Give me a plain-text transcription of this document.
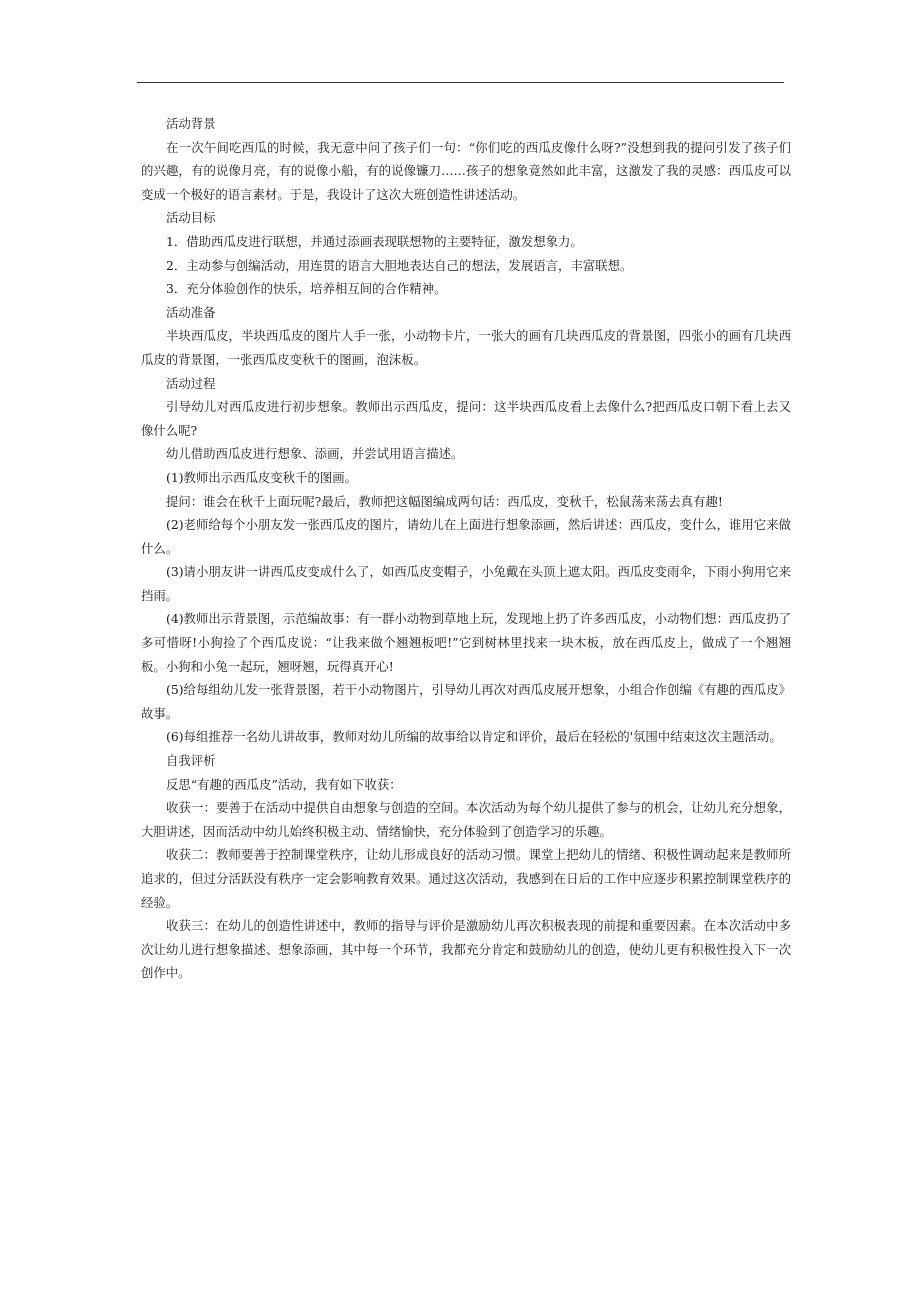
活动背景

在一次午间吃西瓜的时候，我无意中问了孩子们一句：“你们吃的西瓜皮像什么呀?”没想到我的提问引发了孩子们的兴趣，有的说像月亮，有的说像小船，有的说像镰刀……孩子的想象竟然如此丰富，这激发了我的灵感：西瓜皮可以变成一个极好的语言素材。于是，我设计了这次大班创造性讲述活动。

活动目标

1．借助西瓜皮进行联想，并通过添画表现联想物的主要特征，激发想象力。

2．主动参与创编活动，用连贯的语言大胆地表达自己的想法，发展语言，丰富联想。

3．充分体验创作的快乐，培养相互间的合作精神。

活动准备

半块西瓜皮，半块西瓜皮的图片人手一张，小动物卡片，一张大的画有几块西瓜皮的背景图，四张小的画有几块西瓜皮的背景图，一张西瓜皮变秋千的图画，泡沫板。

活动过程

引导幼儿对西瓜皮进行初步想象。教师出示西瓜皮，提问：这半块西瓜皮看上去像什么?把西瓜皮口朝下看上去又像什么呢?

幼儿借助西瓜皮进行想象、添画，并尝试用语言描述。

(1)教师出示西瓜皮变秋千的图画。

提问：谁会在秋千上面玩呢?最后，教师把这幅图编成两句话：西瓜皮，变秋千，松鼠荡来荡去真有趣!

(2)老师给每个小朋友发一张西瓜皮的图片，请幼儿在上面进行想象添画，然后讲述：西瓜皮，变什么，谁用它来做什么。

(3)请小朋友讲一讲西瓜皮变成什么了，如西瓜皮变帽子，小兔戴在头顶上遮太阳。西瓜皮变雨伞，下雨小狗用它来挡雨。

(4)教师出示背景图，示范编故事：有一群小动物到草地上玩，发现地上扔了许多西瓜皮，小动物们想：西瓜皮扔了多可惜呀!小狗捡了个西瓜皮说：“让我来做个翘翘板吧!”它到树林里找来一块木板，放在西瓜皮上，做成了一个翘翘板。小狗和小兔一起玩，翘呀翘，玩得真开心!

(5)给每组幼儿发一张背景图，若干小动物图片，引导幼儿再次对西瓜皮展开想象，小组合作创编《有趣的西瓜皮》故事。

(6)每组推荐一名幼儿讲故事，教师对幼儿所编的故事给以肯定和评价，最后在轻松的'氛围中结束这次主题活动。

自我评析

反思“有趣的西瓜皮”活动，我有如下收获：

收获一：要善于在活动中提供自由想象与创造的空间。本次活动为每个幼儿提供了参与的机会，让幼儿充分想象，大胆讲述，因而活动中幼儿始终积极主动、情绪愉快，充分体验到了创造学习的乐趣。

收获二：教师要善于控制课堂秩序，让幼儿形成良好的活动习惯。课堂上把幼儿的情绪、积极性调动起来是教师所追求的，但过分活跃没有秩序一定会影响教育效果。通过这次活动，我感到在日后的工作中应逐步积累控制课堂秩序的经验。

收获三：在幼儿的创造性讲述中，教师的指导与评价是激励幼儿再次积极表现的前提和重要因素。在本次活动中多次让幼儿进行想象描述、想象添画，其中每一个环节，我都充分肯定和鼓励幼儿的创造，使幼儿更有积极性投入下一次创作中。
